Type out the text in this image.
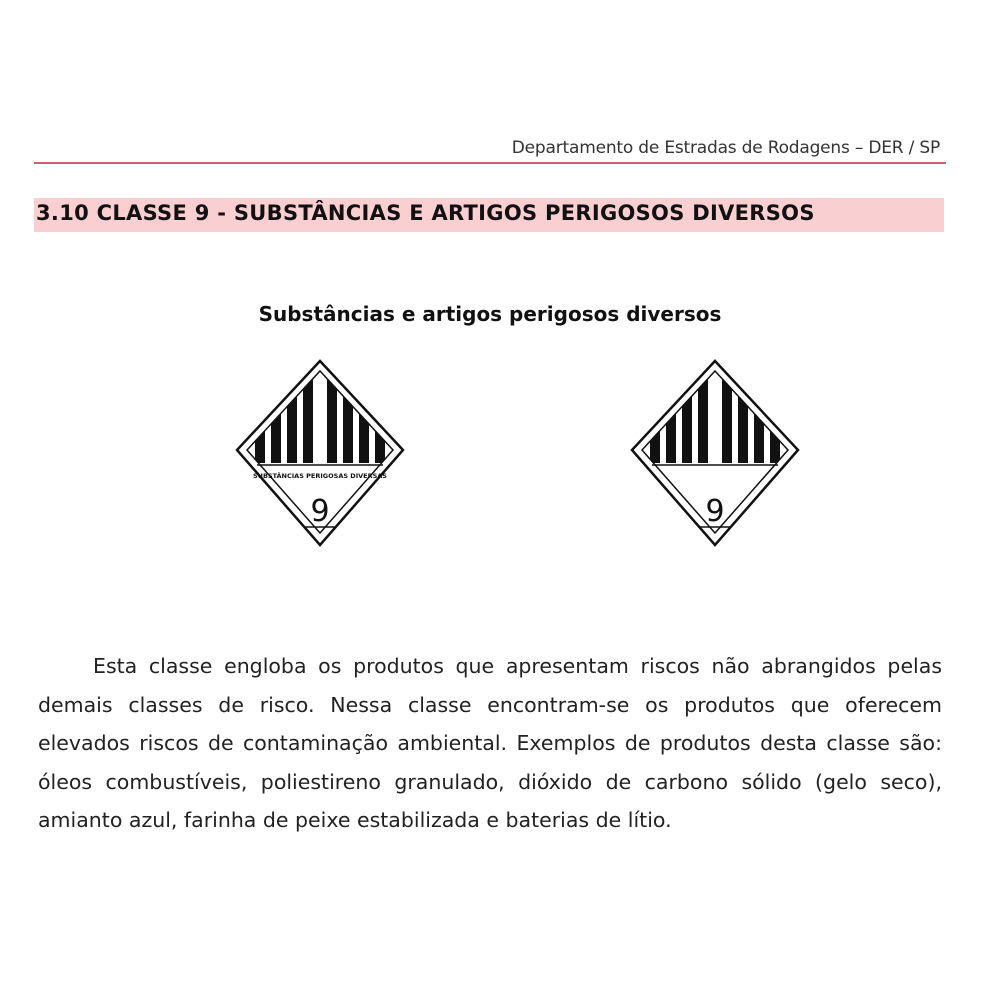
Departamento de Estradas de Rodagens – DER / SP
3.10 CLASSE 9 - SUBSTÂNCIAS E ARTIGOS PERIGOSOS DIVERSOS
Substâncias e artigos perigosos diversos
SUBSTÂNCIAS PERIGOSAS DIVERSAS
9	9

Esta classe engloba os produtos que apresentam riscos não abrangidos pelas demais classes de risco. Nessa classe encontram-se os produtos que oferecem elevados riscos de contaminação ambiental. Exemplos de produtos desta classe são: óleos combustíveis, poliestireno granulado, dióxido de carbono sólido (gelo seco), amianto azul, farinha de peixe estabilizada e baterias de lítio.
